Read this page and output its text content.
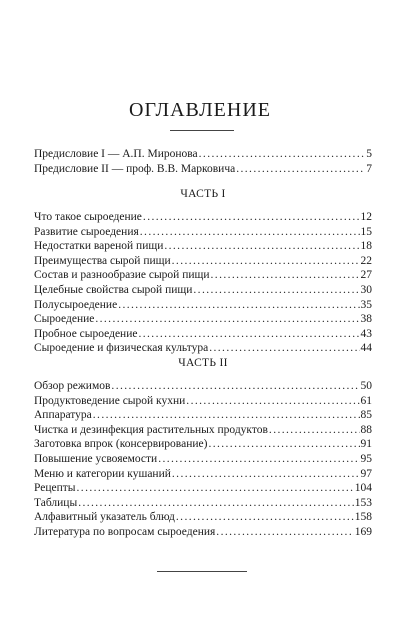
ОГЛАВЛЕНИЕ
Предисловие I — А.П. Миронова .....	5
Предисловие II — проф. В.В. Марковича .....	7
ЧАСТЬ I
Что такое сыроедение .....	12
Развитие сыроедения .....	15
Недостатки вареной пищи .....	18
Преимущества сырой пищи .....	22
Состав и разнообразие сырой пищи .....	27
Целебные свойства сырой пищи .....	30
Полусыроедение .....	35
Сыроедение .....	38
Пробное сыроедение .....	43
Сыроедение и физическая культура .....	44
ЧАСТЬ II
Обзор режимов .....	50
Продуктоведение сырой кухни .....	61
Аппаратура .....	85
Чистка и дезинфекция растительных продуктов .....	88
Заготовка впрок (консервирование) .....	91
Повышение усвояемости .....	95
Меню и категории кушаний .....	97
Рецепты .....	104
Таблицы .....	153
Алфавитный указатель блюд .....	158
Литература по вопросам сыроедения .....	169
